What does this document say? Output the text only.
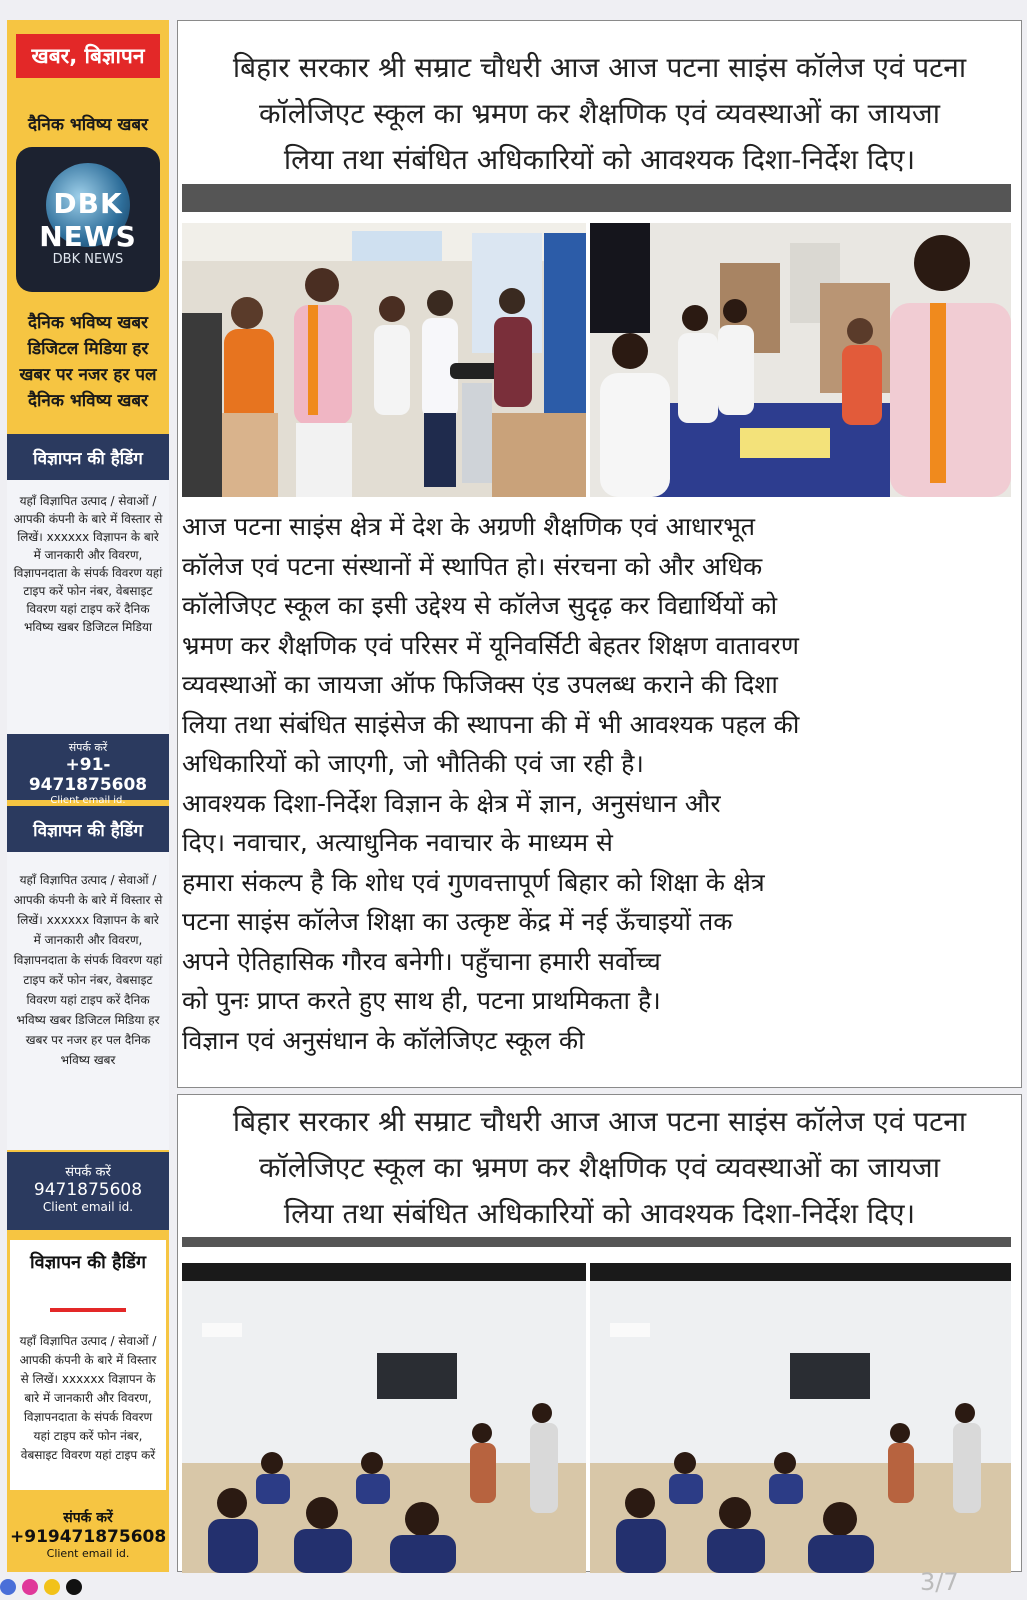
खबर, बिज्ञापन
दैनिक भविष्य खबर
DBK NEWS
DBK NEWS
दैनिक भविष्य खबर
डिजिटल मिडिया हर
खबर पर नजर हर पल
दैनिक भविष्य खबर
विज्ञापन की हैडिंग
यहाँ विज्ञापित उत्पाद / सेवाओं / आपकी कंपनी के बारे में विस्तार से लिखें। xxxxxx विज्ञापन के बारे में जानकारी और विवरण, विज्ञापनदाता के संपर्क विवरण यहां टाइप करें फोन नंबर, वेबसाइट विवरण यहां टाइप करें दैनिक भविष्य खबर डिजिटल मिडिया
संपर्क करें
+91-9471875608
Client email id.
विज्ञापन की हैडिंग
यहाँ विज्ञापित उत्पाद / सेवाओं / आपकी कंपनी के बारे में विस्तार से लिखें। xxxxxx विज्ञापन के बारे में जानकारी और विवरण, विज्ञापनदाता के संपर्क विवरण यहां टाइप करें फोन नंबर, वेबसाइट विवरण यहां टाइप करें दैनिक भविष्य खबर डिजिटल मिडिया हर खबर पर नजर हर पल दैनिक भविष्य खबर
संपर्क करें
9471875608
Client email id.
विज्ञापन की हैडिंग
यहाँ विज्ञापित उत्पाद / सेवाओं / आपकी कंपनी के बारे में विस्तार से लिखें। xxxxxx विज्ञापन के बारे में जानकारी और विवरण, विज्ञापनदाता के संपर्क विवरण यहां टाइप करें फोन नंबर, वेबसाइट विवरण यहां टाइप करें
संपर्क करें
+919471875608
Client email id.
बिहार सरकार श्री सम्राट चौधरी आज आज पटना साइंस कॉलेज एवं पटना
कॉलेजिएट स्कूल का भ्रमण कर शैक्षणिक एवं व्यवस्थाओं का जायजा
लिया तथा संबंधित अधिकारियों को आवश्यक दिशा-निर्देश दिए।
आज पटना साइंस क्षेत्र में देश के अग्रणी शैक्षणिक एवं आधारभूत
कॉलेज एवं पटना संस्थानों में स्थापित हो। संरचना को और अधिक
कॉलेजिएट स्कूल का इसी उद्देश्य से कॉलेज सुदृढ़ कर विद्यार्थियों को
भ्रमण कर शैक्षणिक एवं परिसर में यूनिवर्सिटी बेहतर शिक्षण वातावरण
व्यवस्थाओं का जायजा ऑफ फिजिक्स एंड उपलब्ध कराने की दिशा
लिया तथा संबंधित साइंसेज की स्थापना की में भी आवश्यक पहल की
अधिकारियों को जाएगी, जो भौतिकी एवं जा रही है।
आवश्यक दिशा-निर्देश विज्ञान के क्षेत्र में ज्ञान, अनुसंधान और
दिए। नवाचार, अत्याधुनिक नवाचार के माध्यम से
हमारा संकल्प है कि शोध एवं गुणवत्तापूर्ण बिहार को शिक्षा के क्षेत्र
पटना साइंस कॉलेज शिक्षा का उत्कृष्ट केंद्र में नई ऊँचाइयों तक
अपने ऐतिहासिक गौरव बनेगी। पहुँचाना हमारी सर्वोच्च
को पुनः प्राप्त करते हुए साथ ही, पटना प्राथमिकता है।
विज्ञान एवं अनुसंधान के कॉलेजिएट स्कूल की
बिहार सरकार श्री सम्राट चौधरी आज आज पटना साइंस कॉलेज एवं पटना
कॉलेजिएट स्कूल का भ्रमण कर शैक्षणिक एवं व्यवस्थाओं का जायजा
लिया तथा संबंधित अधिकारियों को आवश्यक दिशा-निर्देश दिए।
3/7
